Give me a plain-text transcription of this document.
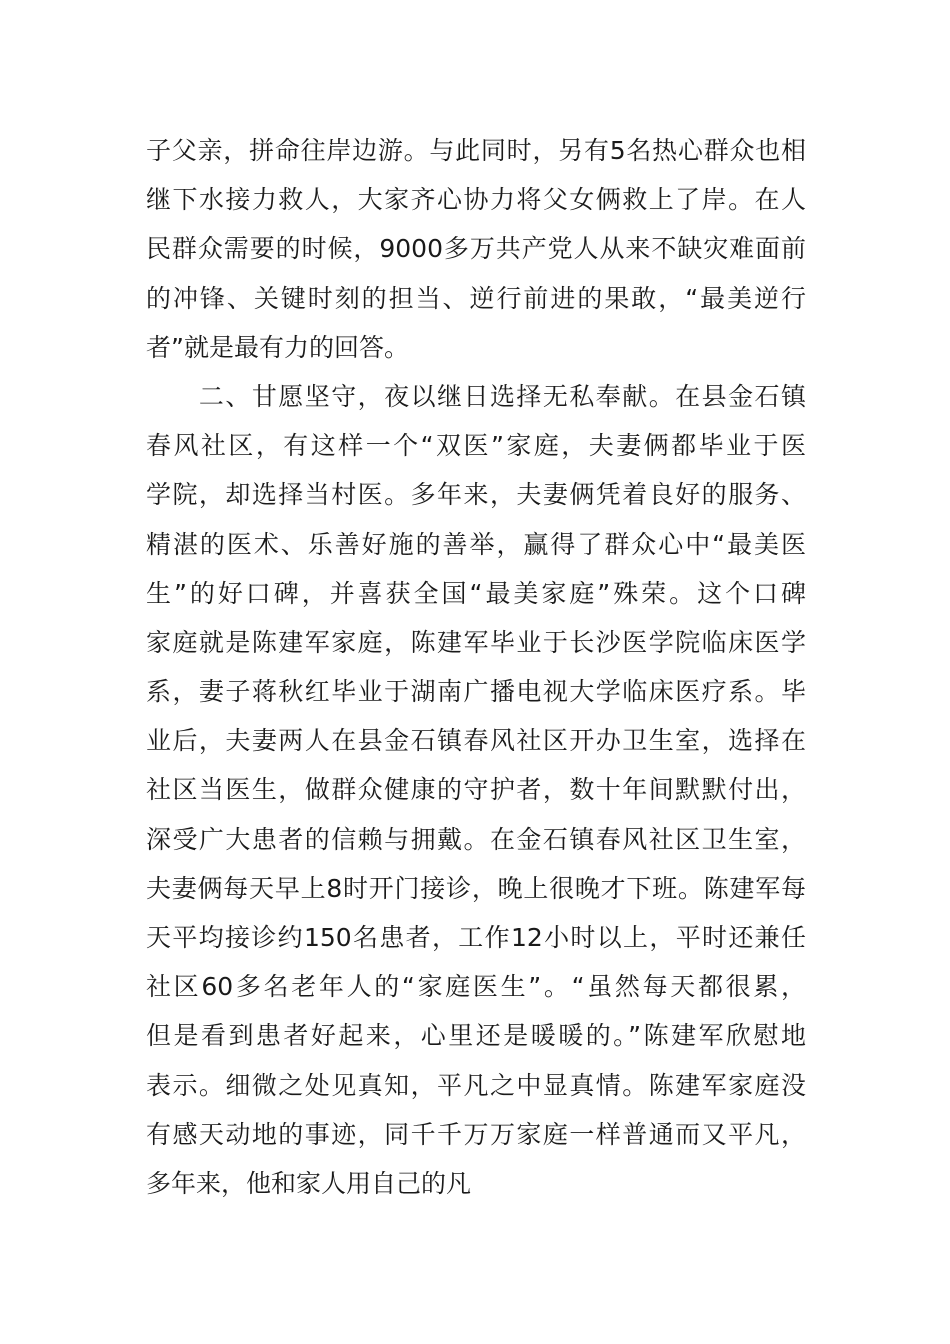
子父亲，拼命往岸边游。与此同时，另有5名热心群众也相
继下水接力救人，大家齐心协力将父女俩救上了岸。在人
民群众需要的时候，9000多万共产党人从来不缺灾难面前
的冲锋、关键时刻的担当、逆行前进的果敢，“最美逆行
者”就是最有力的回答。
　　二、甘愿坚守，夜以继日选择无私奉献。在县金石镇
春风社区，有这样一个“双医”家庭，夫妻俩都毕业于医
学院，却选择当村医。多年来，夫妻俩凭着良好的服务、
精湛的医术、乐善好施的善举，赢得了群众心中“最美医
生”的好口碑，并喜获全国“最美家庭”殊荣。这个口碑
家庭就是陈建军家庭，陈建军毕业于长沙医学院临床医学
系，妻子蒋秋红毕业于湖南广播电视大学临床医疗系。毕
业后，夫妻两人在县金石镇春风社区开办卫生室，选择在
社区当医生，做群众健康的守护者，数十年间默默付出，
深受广大患者的信赖与拥戴。在金石镇春风社区卫生室，
夫妻俩每天早上8时开门接诊，晚上很晚才下班。陈建军每
天平均接诊约150名患者，工作12小时以上，平时还兼任
社区60多名老年人的“家庭医生”。“虽然每天都很累，
但是看到患者好起来，心里还是暖暖的。”陈建军欣慰地
表示。细微之处见真知，平凡之中显真情。陈建军家庭没
有感天动地的事迹，同千千万万家庭一样普通而又平凡，
多年来，他和家人用自己的凡
